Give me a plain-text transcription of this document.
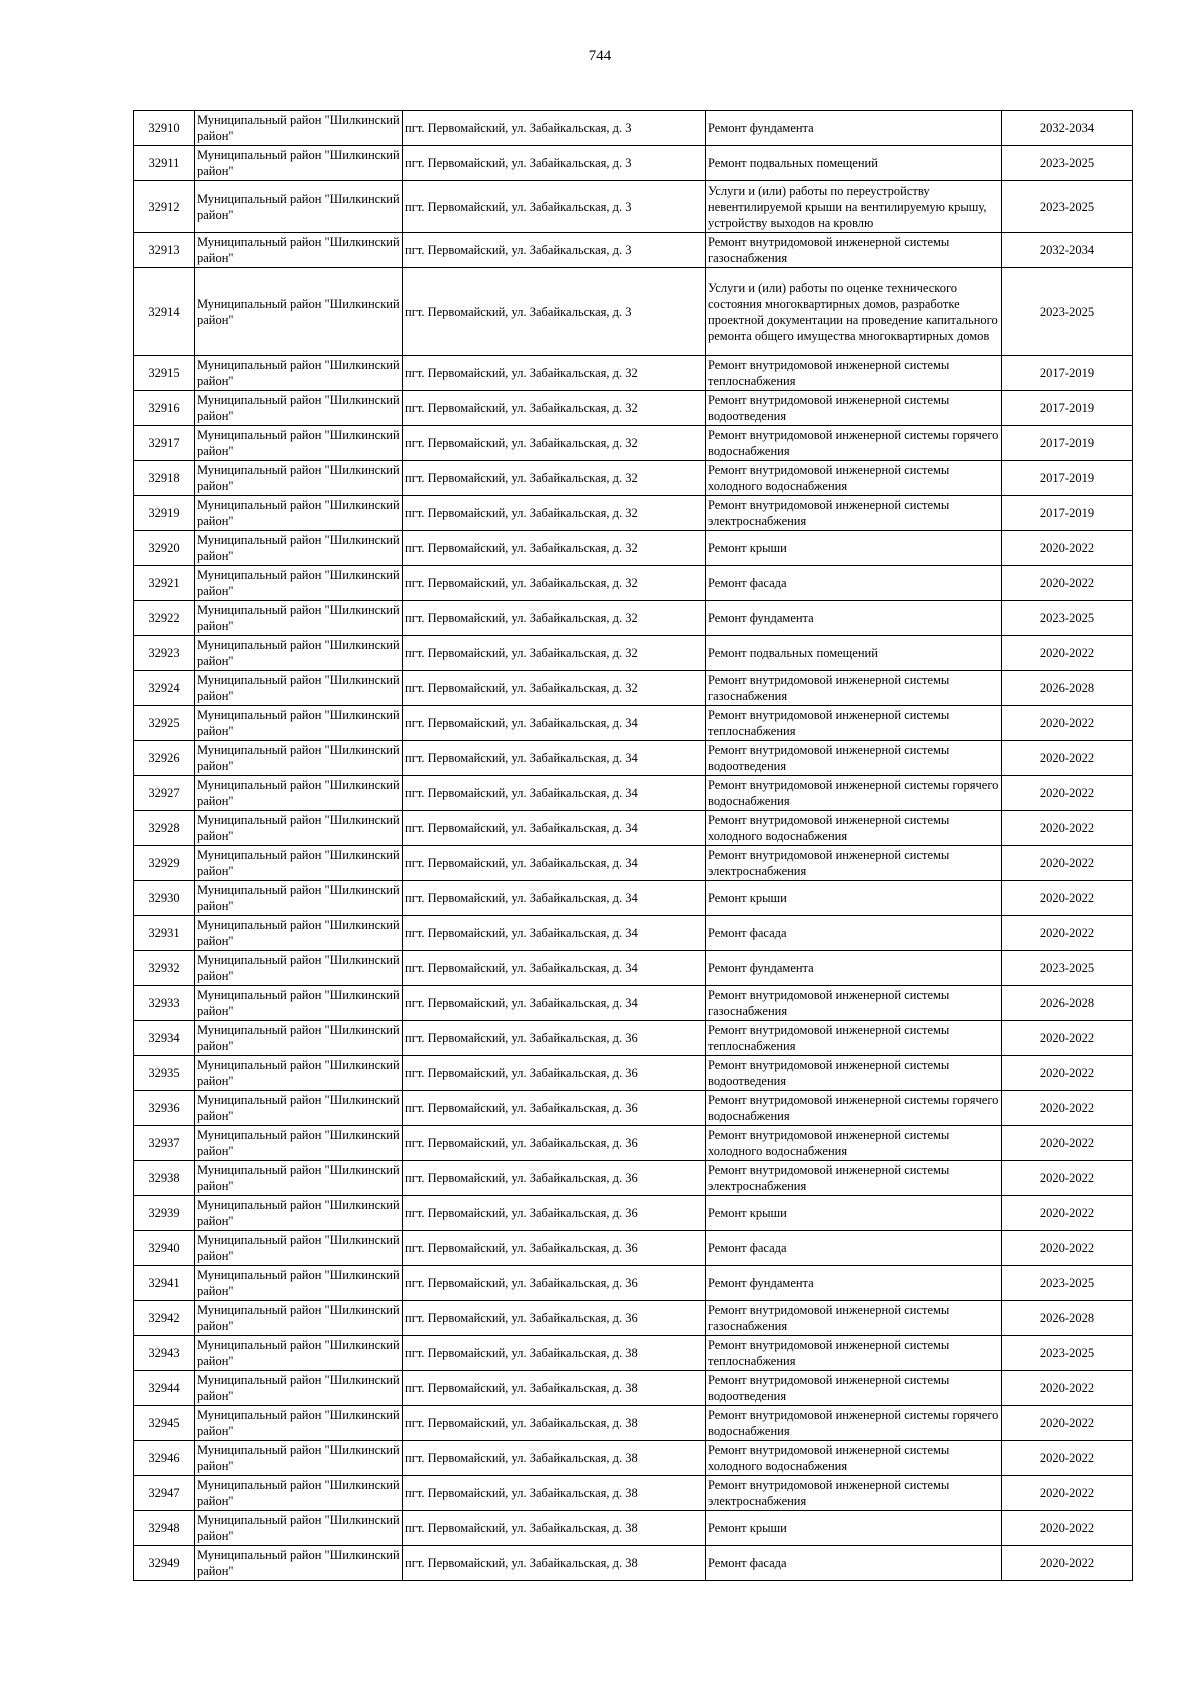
744
32910	Муниципальный район "Шилкинский район"	пгт. Первомайский, ул. Забайкальская, д. 3	Ремонт фундамента	2032-2034
32911	Муниципальный район "Шилкинский район"	пгт. Первомайский, ул. Забайкальская, д. 3	Ремонт подвальных помещений	2023-2025
32912	Муниципальный район "Шилкинский район"	пгт. Первомайский, ул. Забайкальская, д. 3	Услуги и (или) работы по переустройству невентилируемой крыши на вентилируемую крышу, устройству выходов на кровлю	2023-2025
32913	Муниципальный район "Шилкинский район"	пгт. Первомайский, ул. Забайкальская, д. 3	Ремонт внутридомовой инженерной системы газоснабжения	2032-2034
32914	Муниципальный район "Шилкинский район"	пгт. Первомайский, ул. Забайкальская, д. 3	Услуги и (или) работы по оценке технического состояния многоквартирных домов, разработке проектной документации на проведение капитального ремонта общего имущества многоквартирных домов	2023-2025
32915	Муниципальный район "Шилкинский район"	пгт. Первомайский, ул. Забайкальская, д. 32	Ремонт внутридомовой инженерной системы теплоснабжения	2017-2019
32916	Муниципальный район "Шилкинский район"	пгт. Первомайский, ул. Забайкальская, д. 32	Ремонт внутридомовой инженерной системы водоотведения	2017-2019
32917	Муниципальный район "Шилкинский район"	пгт. Первомайский, ул. Забайкальская, д. 32	Ремонт внутридомовой инженерной системы горячего водоснабжения	2017-2019
32918	Муниципальный район "Шилкинский район"	пгт. Первомайский, ул. Забайкальская, д. 32	Ремонт внутридомовой инженерной системы холодного водоснабжения	2017-2019
32919	Муниципальный район "Шилкинский район"	пгт. Первомайский, ул. Забайкальская, д. 32	Ремонт внутридомовой инженерной системы электроснабжения	2017-2019
32920	Муниципальный район "Шилкинский район"	пгт. Первомайский, ул. Забайкальская, д. 32	Ремонт крыши	2020-2022
32921	Муниципальный район "Шилкинский район"	пгт. Первомайский, ул. Забайкальская, д. 32	Ремонт фасада	2020-2022
32922	Муниципальный район "Шилкинский район"	пгт. Первомайский, ул. Забайкальская, д. 32	Ремонт фундамента	2023-2025
32923	Муниципальный район "Шилкинский район"	пгт. Первомайский, ул. Забайкальская, д. 32	Ремонт подвальных помещений	2020-2022
32924	Муниципальный район "Шилкинский район"	пгт. Первомайский, ул. Забайкальская, д. 32	Ремонт внутридомовой инженерной системы газоснабжения	2026-2028
32925	Муниципальный район "Шилкинский район"	пгт. Первомайский, ул. Забайкальская, д. 34	Ремонт внутридомовой инженерной системы теплоснабжения	2020-2022
32926	Муниципальный район "Шилкинский район"	пгт. Первомайский, ул. Забайкальская, д. 34	Ремонт внутридомовой инженерной системы водоотведения	2020-2022
32927	Муниципальный район "Шилкинский район"	пгт. Первомайский, ул. Забайкальская, д. 34	Ремонт внутридомовой инженерной системы горячего водоснабжения	2020-2022
32928	Муниципальный район "Шилкинский район"	пгт. Первомайский, ул. Забайкальская, д. 34	Ремонт внутридомовой инженерной системы холодного водоснабжения	2020-2022
32929	Муниципальный район "Шилкинский район"	пгт. Первомайский, ул. Забайкальская, д. 34	Ремонт внутридомовой инженерной системы электроснабжения	2020-2022
32930	Муниципальный район "Шилкинский район"	пгт. Первомайский, ул. Забайкальская, д. 34	Ремонт крыши	2020-2022
32931	Муниципальный район "Шилкинский район"	пгт. Первомайский, ул. Забайкальская, д. 34	Ремонт фасада	2020-2022
32932	Муниципальный район "Шилкинский район"	пгт. Первомайский, ул. Забайкальская, д. 34	Ремонт фундамента	2023-2025
32933	Муниципальный район "Шилкинский район"	пгт. Первомайский, ул. Забайкальская, д. 34	Ремонт внутридомовой инженерной системы газоснабжения	2026-2028
32934	Муниципальный район "Шилкинский район"	пгт. Первомайский, ул. Забайкальская, д. 36	Ремонт внутридомовой инженерной системы теплоснабжения	2020-2022
32935	Муниципальный район "Шилкинский район"	пгт. Первомайский, ул. Забайкальская, д. 36	Ремонт внутридомовой инженерной системы водоотведения	2020-2022
32936	Муниципальный район "Шилкинский район"	пгт. Первомайский, ул. Забайкальская, д. 36	Ремонт внутридомовой инженерной системы горячего водоснабжения	2020-2022
32937	Муниципальный район "Шилкинский район"	пгт. Первомайский, ул. Забайкальская, д. 36	Ремонт внутридомовой инженерной системы холодного водоснабжения	2020-2022
32938	Муниципальный район "Шилкинский район"	пгт. Первомайский, ул. Забайкальская, д. 36	Ремонт внутридомовой инженерной системы электроснабжения	2020-2022
32939	Муниципальный район "Шилкинский район"	пгт. Первомайский, ул. Забайкальская, д. 36	Ремонт крыши	2020-2022
32940	Муниципальный район "Шилкинский район"	пгт. Первомайский, ул. Забайкальская, д. 36	Ремонт фасада	2020-2022
32941	Муниципальный район "Шилкинский район"	пгт. Первомайский, ул. Забайкальская, д. 36	Ремонт фундамента	2023-2025
32942	Муниципальный район "Шилкинский район"	пгт. Первомайский, ул. Забайкальская, д. 36	Ремонт внутридомовой инженерной системы газоснабжения	2026-2028
32943	Муниципальный район "Шилкинский район"	пгт. Первомайский, ул. Забайкальская, д. 38	Ремонт внутридомовой инженерной системы теплоснабжения	2023-2025
32944	Муниципальный район "Шилкинский район"	пгт. Первомайский, ул. Забайкальская, д. 38	Ремонт внутридомовой инженерной системы водоотведения	2020-2022
32945	Муниципальный район "Шилкинский район"	пгт. Первомайский, ул. Забайкальская, д. 38	Ремонт внутридомовой инженерной системы горячего водоснабжения	2020-2022
32946	Муниципальный район "Шилкинский район"	пгт. Первомайский, ул. Забайкальская, д. 38	Ремонт внутридомовой инженерной системы холодного водоснабжения	2020-2022
32947	Муниципальный район "Шилкинский район"	пгт. Первомайский, ул. Забайкальская, д. 38	Ремонт внутридомовой инженерной системы электроснабжения	2020-2022
32948	Муниципальный район "Шилкинский район"	пгт. Первомайский, ул. Забайкальская, д. 38	Ремонт крыши	2020-2022
32949	Муниципальный район "Шилкинский район"	пгт. Первомайский, ул. Забайкальская, д. 38	Ремонт фасада	2020-2022
